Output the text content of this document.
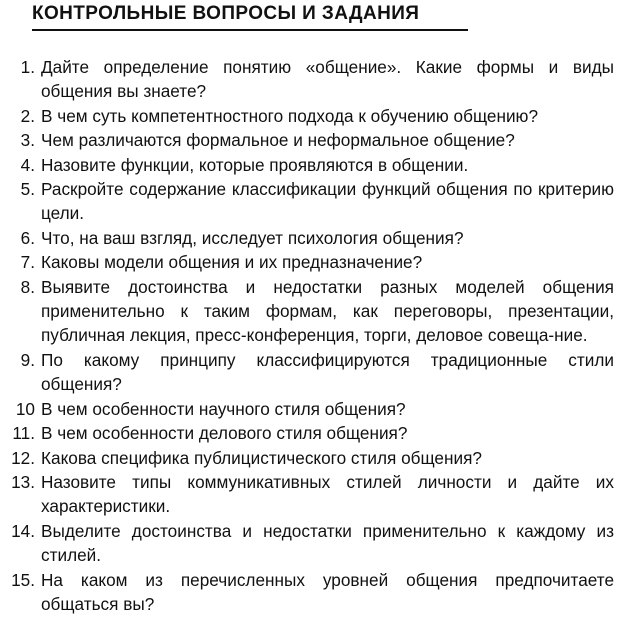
КОНТРОЛЬНЫЕ ВОПРОСЫ И ЗАДАНИЯ
1. Дайте определение понятию «общение». Какие формы и виды общения вы знаете?
2. В чем суть компетентностного подхода к обучению общению?
3. Чем различаются формальное и неформальное общение?
4. Назовите функции, которые проявляются в общении.
5. Раскройте содержание классификации функций общения по критерию цели.
6. Что, на ваш взгляд, исследует психология общения?
7. Каковы модели общения и их предназначение?
8. Выявите достоинства и недостатки разных моделей общения применительно к таким формам, как переговоры, презентации, публичная лекция, пресс-конференция, торги, деловое совеща-ние.
9. По какому принципу классифицируются традиционные стили общения?
10 В чем особенности научного стиля общения?
11. В чем особенности делового стиля общения?
12. Какова специфика публицистического стиля общения?
13. Назовите типы коммуникативных стилей личности и дайте их характеристики.
14. Выделите достоинства и недостатки применительно к каждому из стилей.
15. На каком из перечисленных уровней общения предпочитаете общаться вы?
